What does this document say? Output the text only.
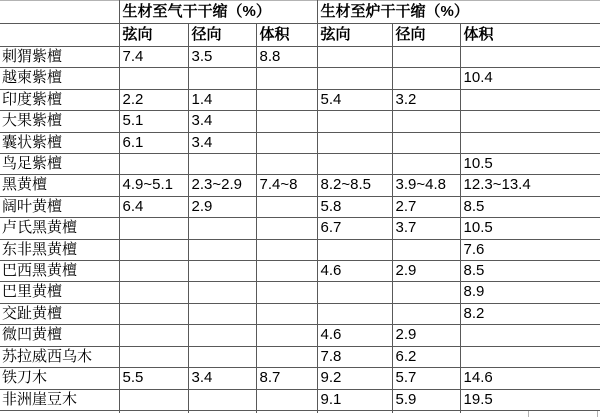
	生材至气干干缩（%）			生材至炉干干缩（%）		
	弦向	径向	体积	弦向	径向	体积
刺猬紫檀	7.4	3.5	8.8			
越柬紫檀						10.4
印度紫檀	2.2	1.4		5.4	3.2	
大果紫檀	5.1	3.4				
囊状紫檀	6.1	3.4				
鸟足紫檀						10.5
黑黄檀	4.9~5.1	2.3~2.9	7.4~8	8.2~8.5	3.9~4.8	12.3~13.4
阔叶黄檀	6.4	2.9		5.8	2.7	8.5
卢氏黑黄檀				6.7	3.7	10.5
东非黑黄檀						7.6
巴西黑黄檀				4.6	2.9	8.5
巴里黄檀						8.9
交趾黄檀						8.2
微凹黄檀				4.6	2.9	
苏拉威西乌木				7.8	6.2	
铁刀木	5.5	3.4	8.7	9.2	5.7	14.6
非洲崖豆木				9.1	5.9	19.5
